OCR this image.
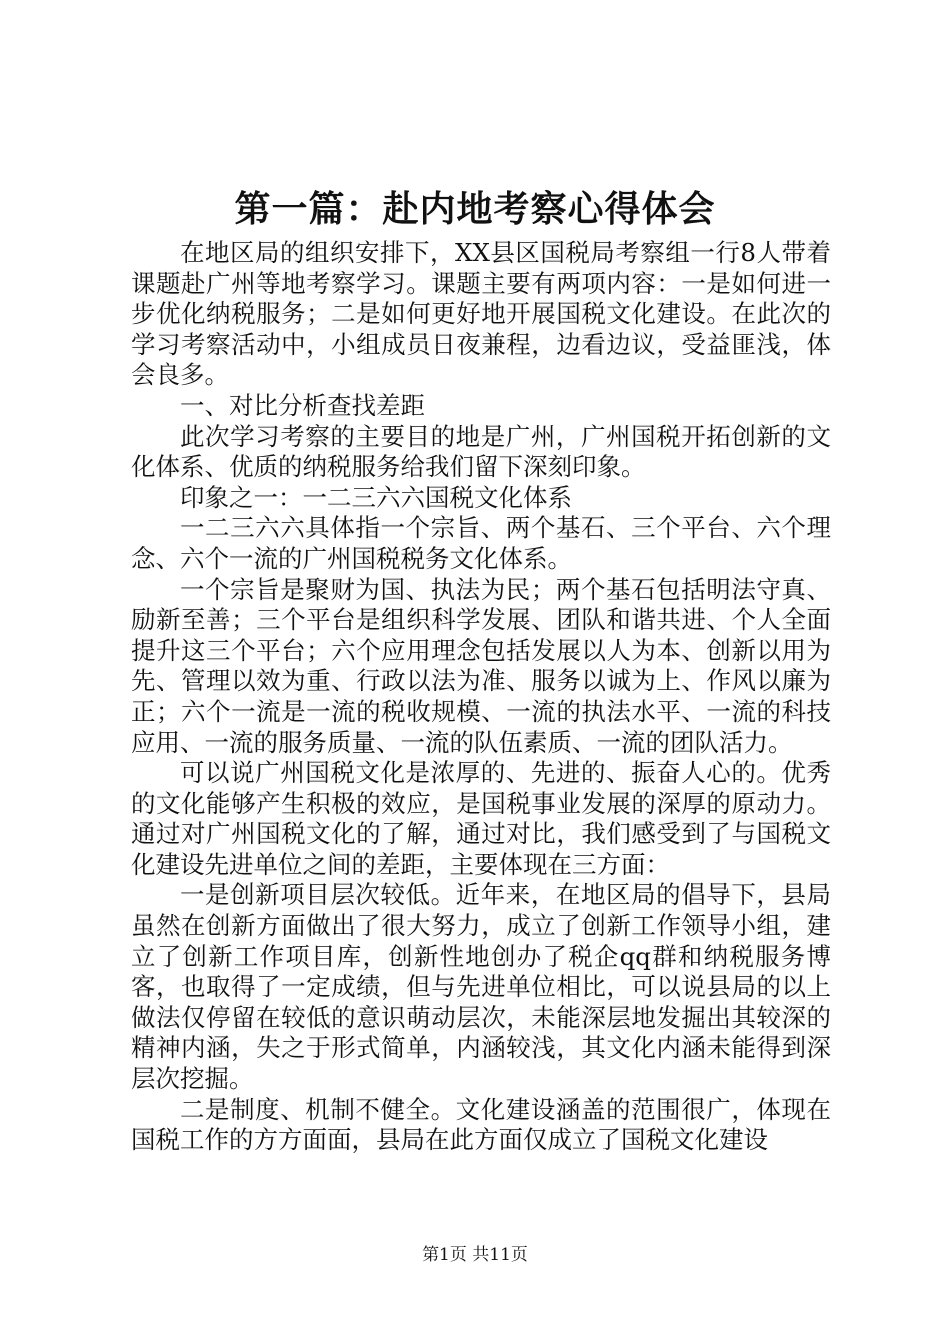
第一篇：赴内地考察心得体会

在地区局的组织安排下，XX县区国税局考察组一行8人带着课题赴广州等地考察学习。课题主要有两项内容：一是如何进一步优化纳税服务；二是如何更好地开展国税文化建设。在此次的学习考察活动中，小组成员日夜兼程，边看边议，受益匪浅，体会良多。

一、对比分析查找差距

此次学习考察的主要目的地是广州，广州国税开拓创新的文化体系、优质的纳税服务给我们留下深刻印象。

印象之一：一二三六六国税文化体系

一二三六六具体指一个宗旨、两个基石、三个平台、六个理念、六个一流的广州国税税务文化体系。

一个宗旨是聚财为国、执法为民；两个基石包括明法守真、励新至善；三个平台是组织科学发展、团队和谐共进、个人全面提升这三个平台；六个应用理念包括发展以人为本、创新以用为先、管理以效为重、行政以法为准、服务以诚为上、作风以廉为正；六个一流是一流的税收规模、一流的执法水平、一流的科技应用、一流的服务质量、一流的队伍素质、一流的团队活力。

可以说广州国税文化是浓厚的、先进的、振奋人心的。优秀的文化能够产生积极的效应，是国税事业发展的深厚的原动力。通过对广州国税文化的了解，通过对比，我们感受到了与国税文化建设先进单位之间的差距，主要体现在三方面：

一是创新项目层次较低。近年来，在地区局的倡导下，县局虽然在创新方面做出了很大努力，成立了创新工作领导小组，建立了创新工作项目库，创新性地创办了税企qq群和纳税服务博客，也取得了一定成绩，但与先进单位相比，可以说县局的以上做法仅停留在较低的意识萌动层次，未能深层地发掘出其较深的精神内涵，失之于形式简单，内涵较浅，其文化内涵未能得到深层次挖掘。

二是制度、机制不健全。文化建设涵盖的范围很广，体现在国税工作的方方面面，县局在此方面仅成立了国税文化建设

第1页 共11页
